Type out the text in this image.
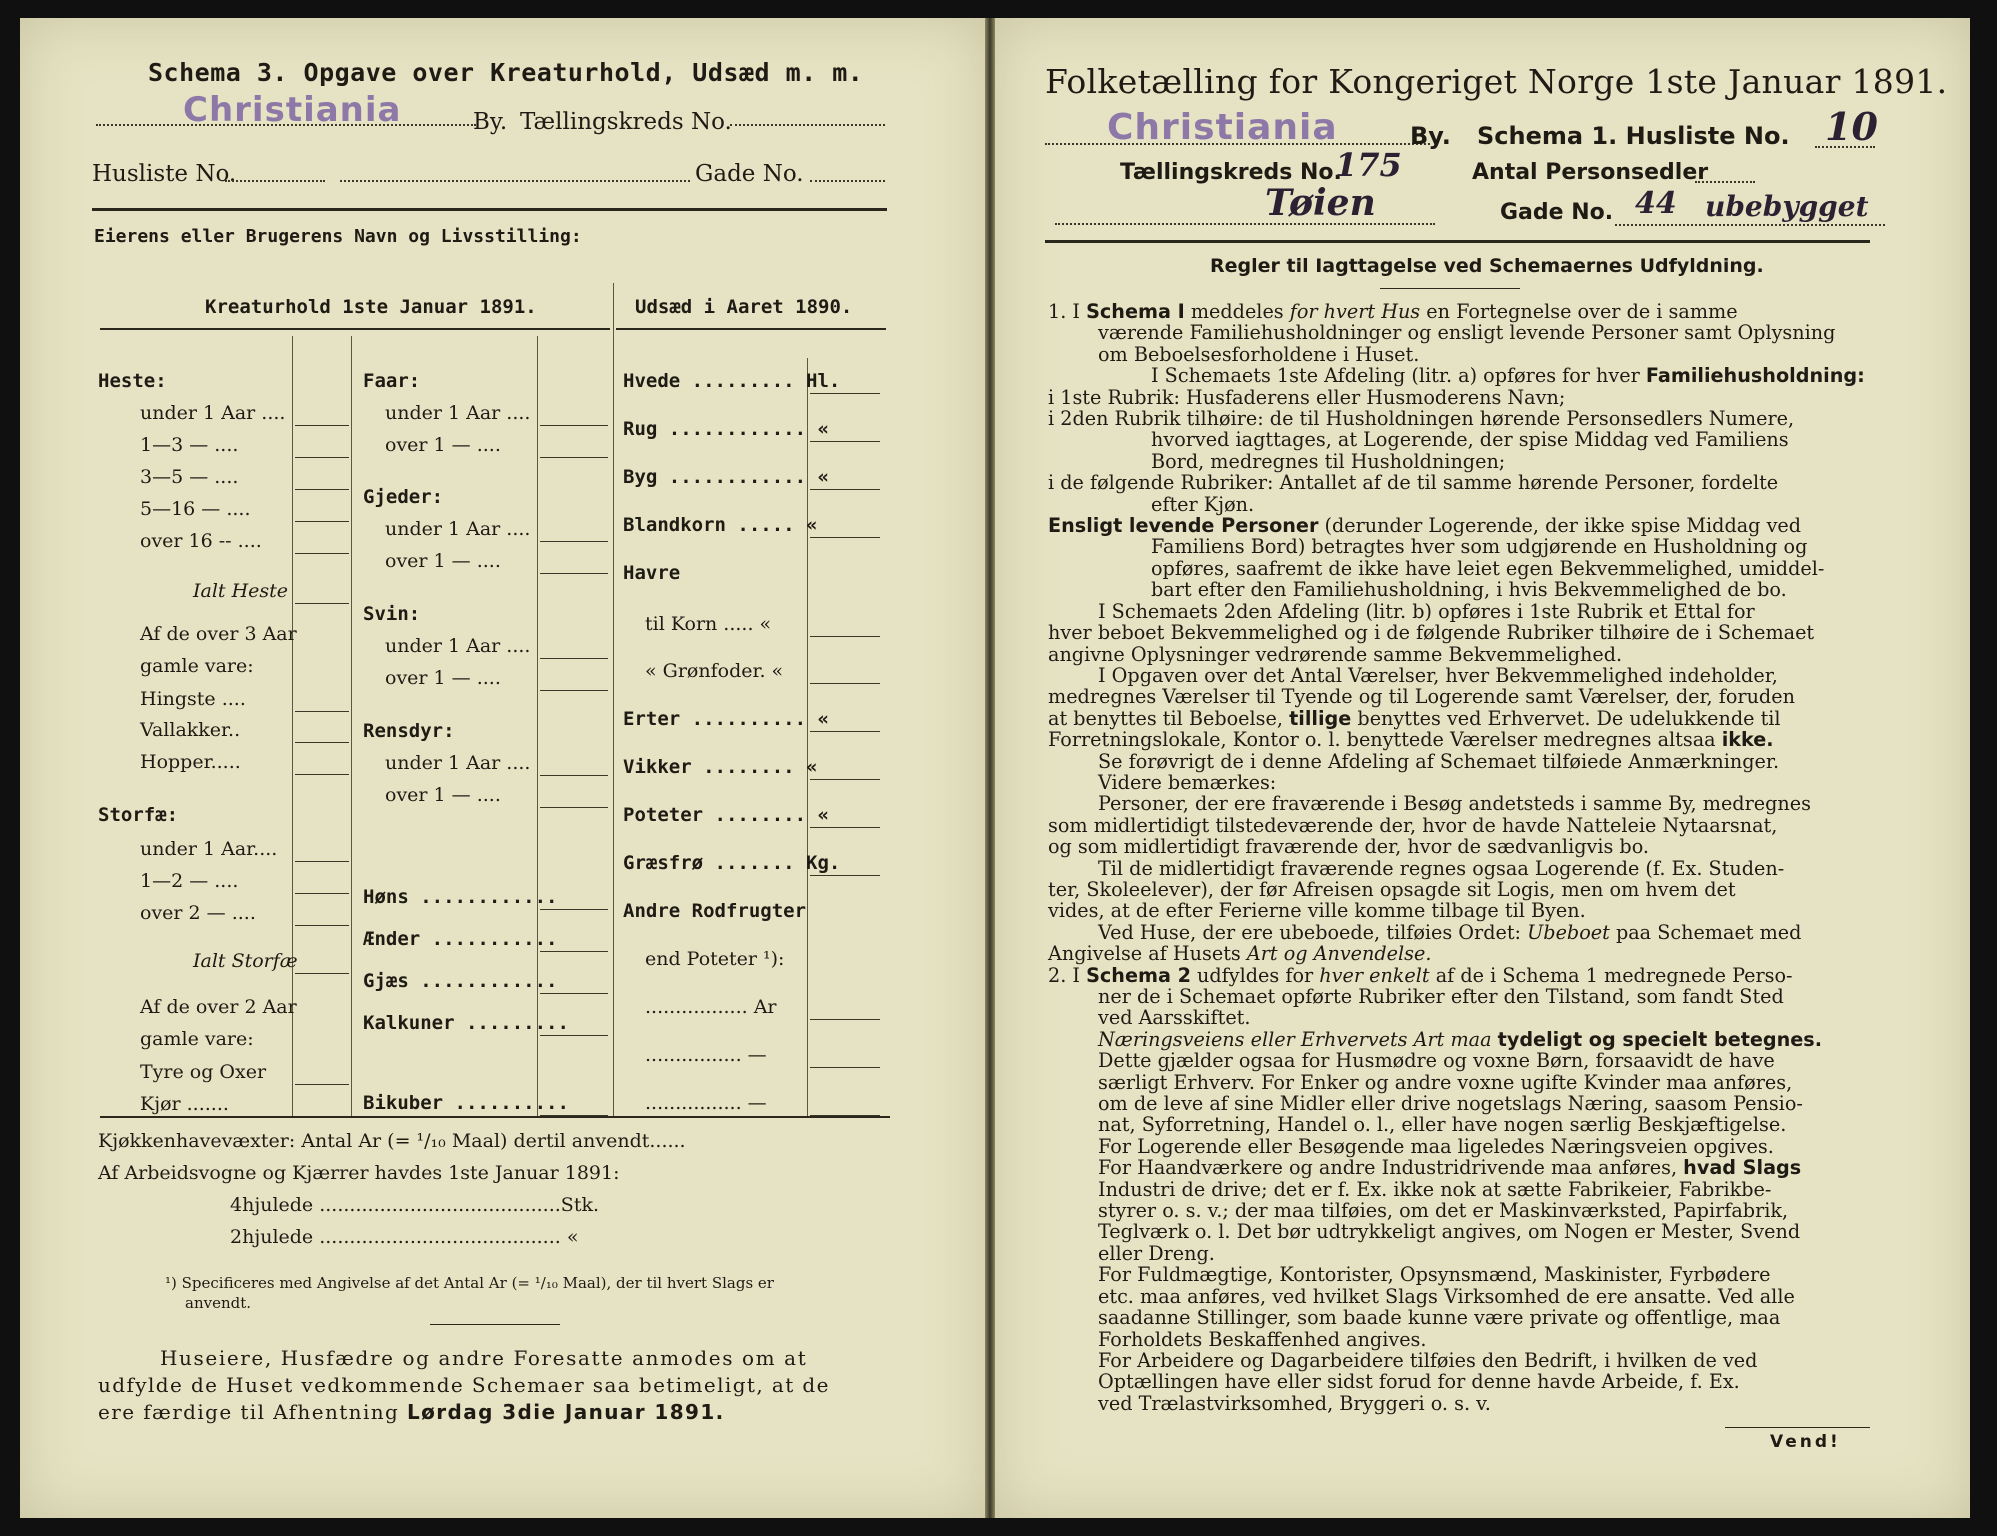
Schema 3. Opgave over Kreaturhold, Udsæd m. m.
Christiania	By. Tællingskreds No.
Husliste No.	Gade No.
Eierens eller Brugerens Navn og Livsstilling:
Kreaturhold 1ste Januar 1891.	Udsæd i Aaret 1890.
Heste:
under 1 Aar ....
1—3 — ....
3—5 — ....
5—16 — ....
over 16 -- ....
Ialt Heste
Af de over 3 Aar
gamle vare:
Hingste ....
Vallakker..
Hopper.....
Storfæ:
under 1 Aar....
1—2 — ....
over 2 — ....
Ialt Storfæ
Af de over 2 Aar
gamle vare:
Tyre og Oxer
Kjør .......
Faar:
under 1 Aar ....
over 1 — ....
Gjeder:
under 1 Aar ....
over 1 — ....
Svin:
under 1 Aar ....
over 1 — ....
Rensdyr:
under 1 Aar ....
over 1 — ....
Høns ............
Ænder ...........
Gjæs ............
Kalkuner .........
Bikuber ..........
Hvede ......... Hl.
Rug ............ «
Byg ............ «
Blandkorn ..... «
Havre
til Korn ..... «
« Grønfoder. «
Erter .......... «
Vikker ........ «
Poteter ........ «
Græsfrø ....... Kg.
Andre Rodfrugter
end Poteter ¹):
................. Ar
................ —
................ —
Kjøkkenhavevæxter: Antal Ar (= ¹/₁₀ Maal) dertil anvendt......
Af Arbeidsvogne og Kjærrer havdes 1ste Januar 1891:
4hjulede ........................................Stk.
2hjulede ........................................ «
¹) Specificeres med Angivelse af det Antal Ar (= ¹/₁₀ Maal), der til hvert Slags er
anvendt.
Huseiere, Husfædre og andre Foresatte anmodes om at
udfylde de Huset vedkommende Schemaer saa betimeligt, at de
ere færdige til Afhentning Lørdag 3die Januar 1891.
Folketælling for Kongeriget Norge 1ste Januar 1891.
Christiania	By. Schema 1. Husliste No. 10
Tællingskreds No.
175	Antal Personsedler
Tøien	Gade No. 44 ubebygget
Regler til Iagttagelse ved Schemaernes Udfyldning.

1. I Schema I meddeles for hvert Hus en Fortegnelse over de i samme

værende Familiehusholdninger og ensligt levende Personer samt Oplysning

om Beboelsesforholdene i Huset.

I Schemaets 1ste Afdeling (litr. a) opføres for hver Familiehusholdning:

i 1ste Rubrik: Husfaderens eller Husmoderens Navn;

i 2den Rubrik tilhøire: de til Husholdningen hørende Personsedlers Numere,

hvorved iagttages, at Logerende, der spise Middag ved Familiens

Bord, medregnes til Husholdningen;

i de følgende Rubriker: Antallet af de til samme hørende Personer, fordelte

efter Kjøn.

Ensligt levende Personer (derunder Logerende, der ikke spise Middag ved

Familiens Bord) betragtes hver som udgjørende en Husholdning og

opføres, saafremt de ikke have leiet egen Bekvemmelighed, umiddel-

bart efter den Familiehusholdning, i hvis Bekvemmelighed de bo.

I Schemaets 2den Afdeling (litr. b) opføres i 1ste Rubrik et Ettal for

hver beboet Bekvemmelighed og i de følgende Rubriker tilhøire de i Schemaet

angivne Oplysninger vedrørende samme Bekvemmelighed.

I Opgaven over det Antal Værelser, hver Bekvemmelighed indeholder,

medregnes Værelser til Tyende og til Logerende samt Værelser, der, foruden

at benyttes til Beboelse, tillige benyttes ved Erhvervet. De udelukkende til

Forretningslokale, Kontor o. l. benyttede Værelser medregnes altsaa ikke.

Se forøvrigt de i denne Afdeling af Schemaet tilføiede Anmærkninger.

Videre bemærkes:

Personer, der ere fraværende i Besøg andetsteds i samme By, medregnes

som midlertidigt tilstedeværende der, hvor de havde Natteleie Nytaarsnat,

og som midlertidigt fraværende der, hvor de sædvanligvis bo.

Til de midlertidigt fraværende regnes ogsaa Logerende (f. Ex. Studen-

ter, Skoleelever), der før Afreisen opsagde sit Logis, men om hvem det

vides, at de efter Ferierne ville komme tilbage til Byen.

Ved Huse, der ere ubeboede, tilføies Ordet: Ubeboet paa Schemaet med

Angivelse af Husets Art og Anvendelse.

2. I Schema 2 udfyldes for hver enkelt af de i Schema 1 medregnede Perso-

ner de i Schemaet opførte Rubriker efter den Tilstand, som fandt Sted

ved Aarsskiftet.

Næringsveiens eller Erhvervets Art maa tydeligt og specielt betegnes.

Dette gjælder ogsaa for Husmødre og voxne Børn, forsaavidt de have

særligt Erhverv. For Enker og andre voxne ugifte Kvinder maa anføres,

om de leve af sine Midler eller drive nogetslags Næring, saasom Pensio-

nat, Syforretning, Handel o. l., eller have nogen særlig Beskjæftigelse.

For Logerende eller Besøgende maa ligeledes Næringsveien opgives.

For Haandværkere og andre Industridrivende maa anføres, hvad Slags

Industri de drive; det er f. Ex. ikke nok at sætte Fabrikeier, Fabrikbe-

styrer o. s. v.; der maa tilføies, om det er Maskinværksted, Papirfabrik,

Teglværk o. l. Det bør udtrykkeligt angives, om Nogen er Mester, Svend

eller Dreng.

For Fuldmægtige, Kontorister, Opsynsmænd, Maskinister, Fyrbødere

etc. maa anføres, ved hvilket Slags Virksomhed de ere ansatte. Ved alle

saadanne Stillinger, som baade kunne være private og offentlige, maa

Forholdets Beskaffenhed angives.

For Arbeidere og Dagarbeidere tilføies den Bedrift, i hvilken de ved

Optællingen have eller sidst forud for denne havde Arbeide, f. Ex.

ved Trælastvirksomhed, Bryggeri o. s. v.

Vend!
